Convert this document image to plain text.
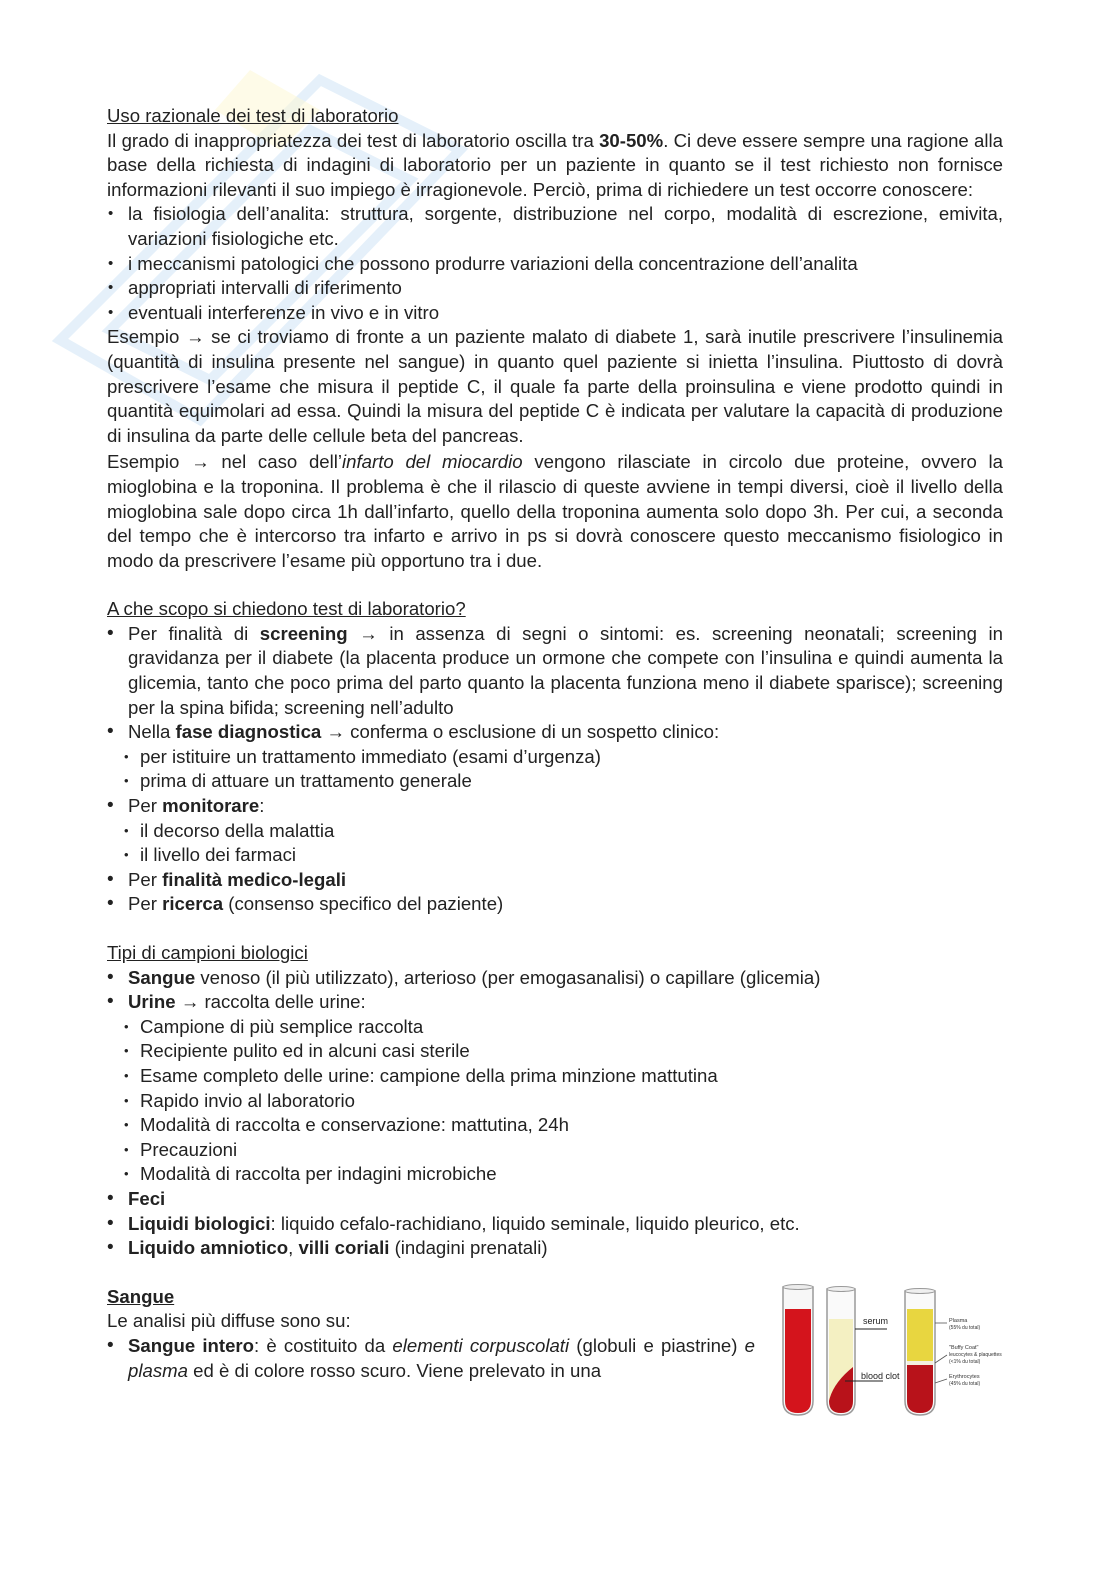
Uso razionale dei test di laboratorio

Il grado di inappropriatezza dei test di laboratorio oscilla tra 30-50%. Ci deve essere sempre una ragione alla base della richiesta di indagini di laboratorio per un paziente in quanto se il test richiesto non fornisce informazioni rilevanti il suo impiego è irragionevole. Perciò, prima di richiedere un test occorre conoscere:

• la fisiologia dell’analita: struttura, sorgente, distribuzione nel corpo, modalità di escrezione, emivita, variazioni fisiologiche etc.
• i meccanismi patologici che possono produrre variazioni della concentrazione dell’analita
• appropriati intervalli di riferimento
• eventuali interferenze in vivo e in vitro

Esempio → se ci troviamo di fronte a un paziente malato di diabete 1, sarà inutile prescrivere l’insulinemia (quantità di insulina presente nel sangue) in quanto quel paziente si inietta l’insulina. Piuttosto di dovrà prescrivere l’esame che misura il peptide C, il quale fa parte della proinsulina e viene prodotto quindi in quantità equimolari ad essa. Quindi la misura del peptide C è indicata per valutare la capacità di produzione di insulina da parte delle cellule beta del pancreas.

Esempio → nel caso dell’infarto del miocardio vengono rilasciate in circolo due proteine, ovvero la mioglobina e la troponina. Il problema è che il rilascio di queste avviene in tempi diversi, cioè il livello della mioglobina sale dopo circa 1h dall’infarto, quello della troponina aumenta solo dopo 3h. Per cui, a seconda del tempo che è intercorso tra infarto e arrivo in ps si dovrà conoscere questo meccanismo fisiologico in modo da prescrivere l’esame più opportuno tra i due.

A che scopo si chiedono test di laboratorio?
• Per finalità di screening → in assenza di segni o sintomi: es. screening neonatali; screening in gravidanza per il diabete (la placenta produce un ormone che compete con l’insulina e quindi aumenta la glicemia, tanto che poco prima del parto quanto la placenta funziona meno il diabete sparisce); screening per la spina bifida; screening nell’adulto
• Nella fase diagnostica → conferma o esclusione di un sospetto clinico:
• per istituire un trattamento immediato (esami d’urgenza)
• prima di attuare un trattamento generale
• Per monitorare:
• il decorso della malattia
• il livello dei farmaci
• Per finalità medico-legali
• Per ricerca (consenso specifico del paziente)
Tipi di campioni biologici
• Sangue venoso (il più utilizzato), arterioso (per emogasanalisi) o capillare (glicemia)
• Urine → raccolta delle urine:
• Campione di più semplice raccolta
• Recipiente pulito ed in alcuni casi sterile
• Esame completo delle urine: campione della prima minzione mattutina
• Rapido invio al laboratorio
• Modalità di raccolta e conservazione: mattutina, 24h
• Precauzioni
• Modalità di raccolta per indagini microbiche
• Feci
• Liquidi biologici: liquido cefalo-rachidiano, liquido seminale, liquido pleurico, etc.
• Liquido amniotico, villi coriali (indagini prenatali)
Sangue

Le analisi più diffuse sono su:

• Sangue intero: è costituito da elementi corpuscolati (globuli e piastrine) e plasma ed è di colore rosso scuro. Viene prelevato in una
serum
blood clot
Plasma
(55% du total)
"Buffy Coat"
leucocytes & plaquettes
(<1% du total)
Erythrocytes
(45% du total)
